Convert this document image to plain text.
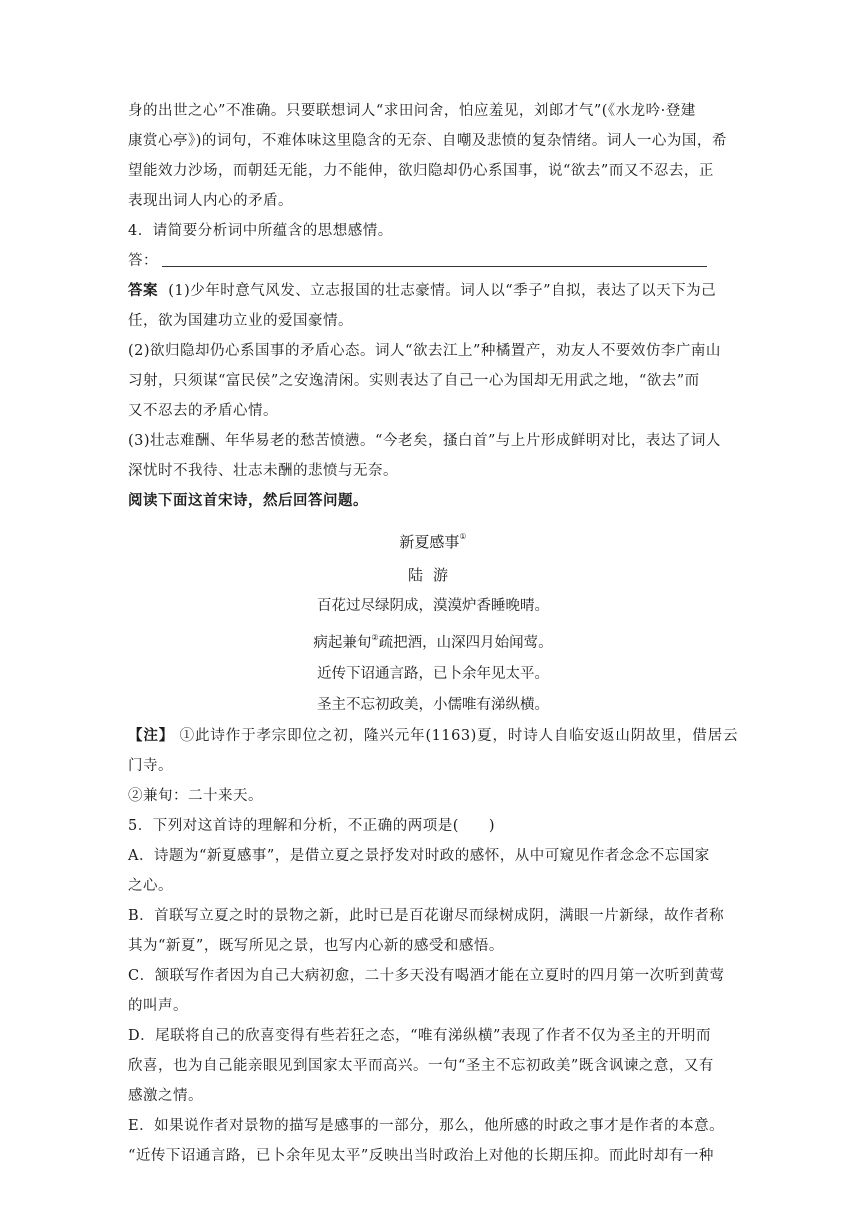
身的出世之心”不准确。只要联想词人“求田问舍，怕应羞见，刘郎才气”(《水龙吟·登建

康赏心亭》)的词句，不难体味这里隐含的无奈、自嘲及悲愤的复杂情绪。词人一心为国，希

望能效力沙场，而朝廷无能，力不能伸，欲归隐却仍心系国事，说“欲去”而又不忍去，正

表现出词人内心的矛盾。

4．请简要分析词中所蕴含的思想感情。

答：

答案 (1)少年时意气风发、立志报国的壮志豪情。词人以“季子”自拟，表达了以天下为己

任，欲为国建功立业的爱国豪情。

(2)欲归隐却仍心系国事的矛盾心态。词人“欲去江上”种橘置产，劝友人不要效仿李广南山

习射，只须谋“富民侯”之安逸清闲。实则表达了自己一心为国却无用武之地，“欲去”而

又不忍去的矛盾心情。

(3)壮志难酬、年华易老的愁苦愤懑。“今老矣，搔白首”与上片形成鲜明对比，表达了词人

深忧时不我待、壮志未酬的悲愤与无奈。

阅读下面这首宋诗，然后回答问题。

新夏感事①
陆游
百花过尽绿阴成，漠漠炉香睡晚晴。
病起兼旬②疏把酒，山深四月始闻莺。
近传下诏通言路，已卜余年见太平。
圣主不忘初政美，小儒唯有涕纵横。

【注】 ①此诗作于孝宗即位之初，隆兴元年(1163)夏，时诗人自临安返山阴故里，借居云门寺。

②兼旬：二十来天。

5．下列对这首诗的理解和分析，不正确的两项是(　　)

A．诗题为“新夏感事”，是借立夏之景抒发对时政的感怀，从中可窥见作者念念不忘国家

之心。

B．首联写立夏之时的景物之新，此时已是百花谢尽而绿树成阴，满眼一片新绿，故作者称

其为“新夏”，既写所见之景，也写内心新的感受和感悟。

C．颔联写作者因为自己大病初愈，二十多天没有喝酒才能在立夏时的四月第一次听到黄莺

的叫声。

D．尾联将自己的欣喜变得有些若狂之态，“唯有涕纵横”表现了作者不仅为圣主的开明而

欣喜，也为自己能亲眼见到国家太平而高兴。一句“圣主不忘初政美”既含讽谏之意，又有

感激之情。

E．如果说作者对景物的描写是感事的一部分，那么，他所感的时政之事才是作者的本意。

“近传下诏通言路，已卜余年见太平”反映出当时政治上对他的长期压抑。而此时却有一种
